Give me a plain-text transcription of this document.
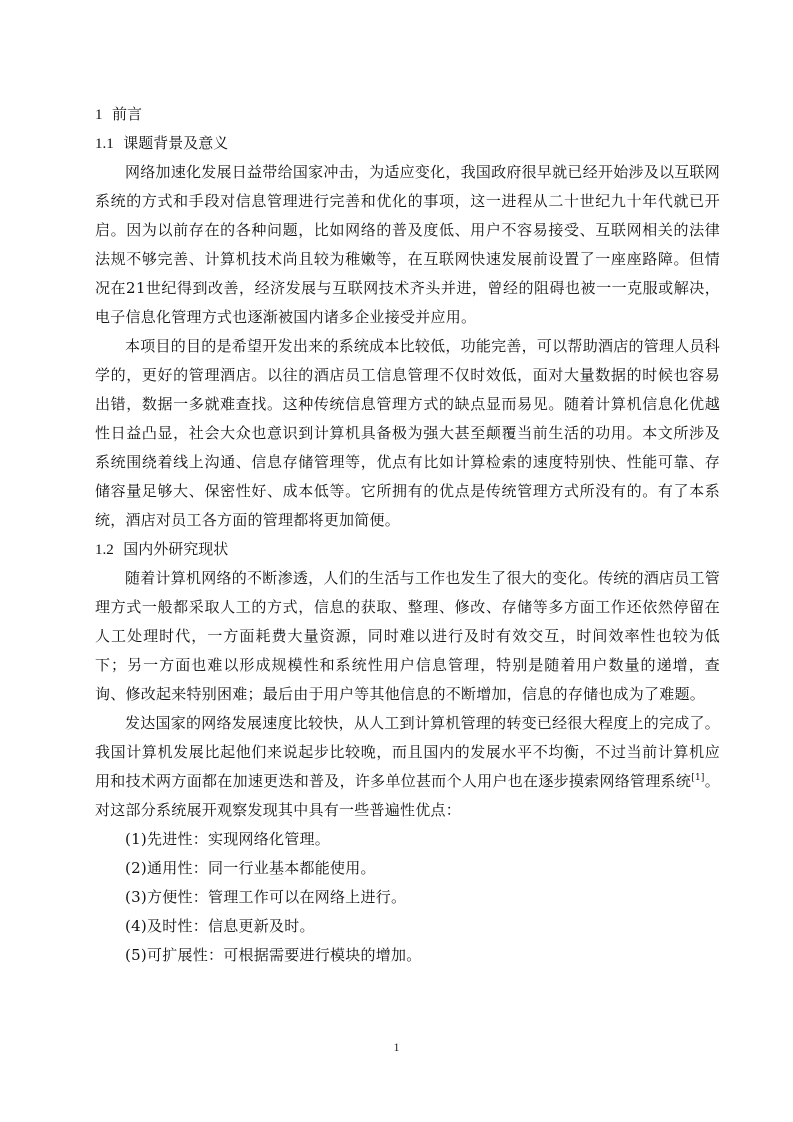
1 前言
1.1 课题背景及意义

网络加速化发展日益带给国家冲击，为适应变化，我国政府很早就已经开始涉及以互联网系统的方式和手段对信息管理进行完善和优化的事项，这一进程从二十世纪九十年代就已开启。因为以前存在的各种问题，比如网络的普及度低、用户不容易接受、互联网相关的法律法规不够完善、计算机技术尚且较为稚嫩等，在互联网快速发展前设置了一座座路障。但情况在21世纪得到改善，经济发展与互联网技术齐头并进，曾经的阻碍也被一一克服或解决，电子信息化管理方式也逐渐被国内诸多企业接受并应用。

本项目的目的是希望开发出来的系统成本比较低，功能完善，可以帮助酒店的管理人员科学的，更好的管理酒店。以往的酒店员工信息管理不仅时效低，面对大量数据的时候也容易出错，数据一多就难查找。这种传统信息管理方式的缺点显而易见。随着计算机信息化优越性日益凸显，社会大众也意识到计算机具备极为强大甚至颠覆当前生活的功用。本文所涉及系统围绕着线上沟通、信息存储管理等，优点有比如计算检索的速度特别快、性能可靠、存储容量足够大、保密性好、成本低等。它所拥有的优点是传统管理方式所没有的。有了本系统，酒店对员工各方面的管理都将更加简便。

1.2 国内外研究现状

随着计算机网络的不断渗透，人们的生活与工作也发生了很大的变化。传统的酒店员工管理方式一般都采取人工的方式，信息的获取、整理、修改、存储等多方面工作还依然停留在人工处理时代，一方面耗费大量资源，同时难以进行及时有效交互，时间效率性也较为低下；另一方面也难以形成规模性和系统性用户信息管理，特别是随着用户数量的递增，查询、修改起来特别困难；最后由于用户等其他信息的不断增加，信息的存储也成为了难题。

发达国家的网络发展速度比较快，从人工到计算机管理的转变已经很大程度上的完成了。我国计算机发展比起他们来说起步比较晚，而且国内的发展水平不均衡，不过当前计算机应用和技术两方面都在加速更迭和普及，许多单位甚而个人用户也在逐步摸索网络管理系统[1]。对这部分系统展开观察发现其中具有一些普遍性优点：

(1)先进性：实现网络化管理。
(2)通用性：同一行业基本都能使用。
(3)方便性：管理工作可以在网络上进行。
(4)及时性：信息更新及时。
(5)可扩展性：可根据需要进行模块的增加。
1
